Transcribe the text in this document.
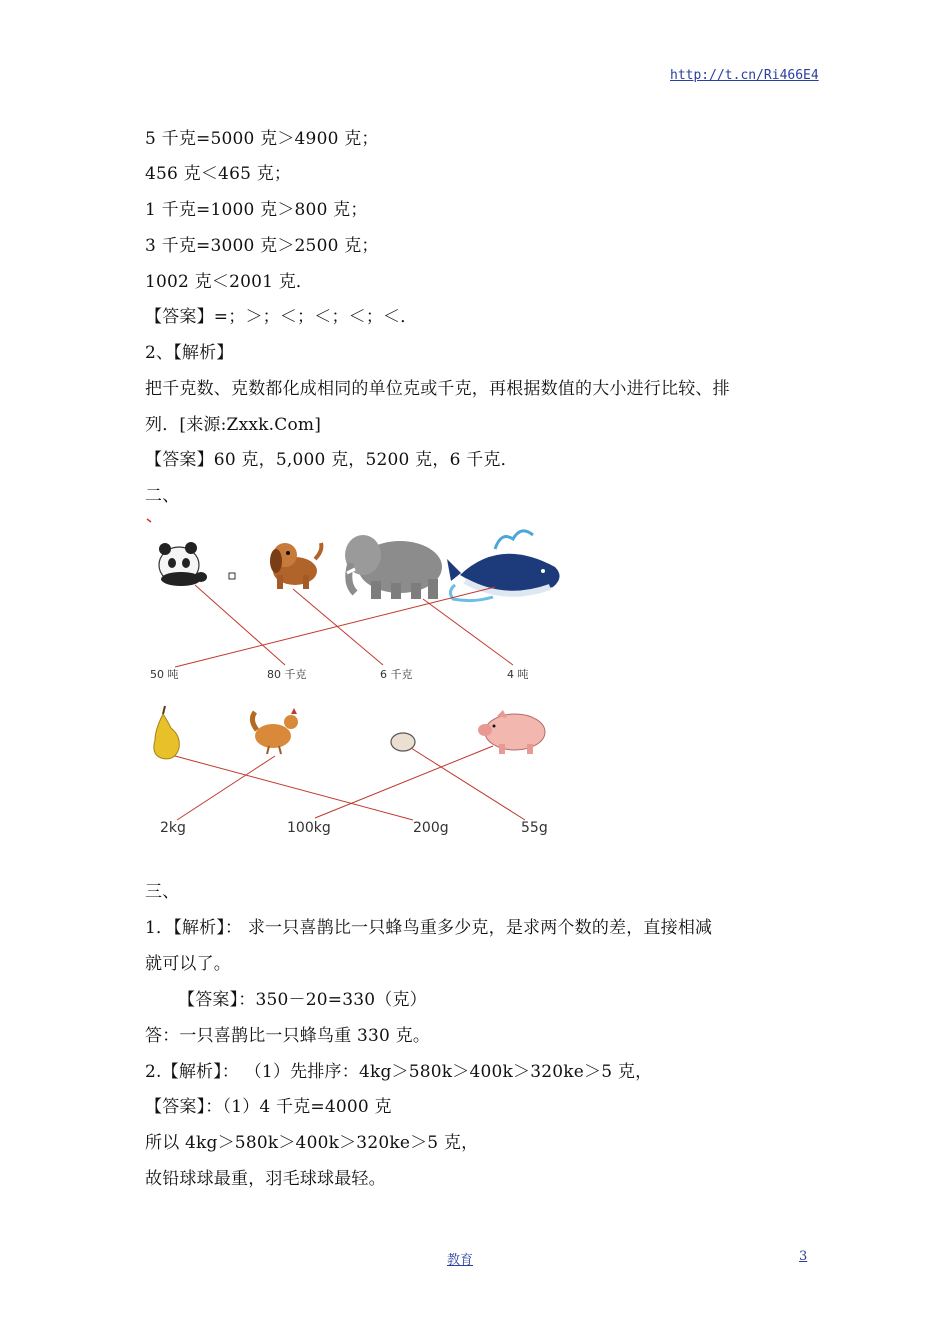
http://t.cn/Ri466E4
5 千克=5000 克＞4900 克；
456 克＜465 克；
1 千克=1000 克＞800 克；
3 千克=3000 克＞2500 克；
1002 克＜2001 克．
【答案】=；＞；＜；＜；＜；＜．
2、【解析】
把千克数、克数都化成相同的单位克或千克，再根据数值的大小进行比较、排
列．[来源:Zxxk.Com]
【答案】60 克，5,000 克，5200 克，6 千克．
二、
50 吨	80 千克	6 千克	4 吨
2kg	100kg	200g	55g
三、
1．【解析】： 求一只喜鹊比一只蜂鸟重多少克，是求两个数的差，直接相减
就可以了。
【答案】：350－20=330（克）
答：一只喜鹊比一只蜂鸟重 330 克。
2.【解析】： （1）先排序：4kg＞580k＞400k＞320ke＞5 克，
【答案】：（1）4 千克=4000 克
所以 4kg＞580k＞400k＞320ke＞5 克，
故铅球球最重，羽毛球球最轻。
教育	3
